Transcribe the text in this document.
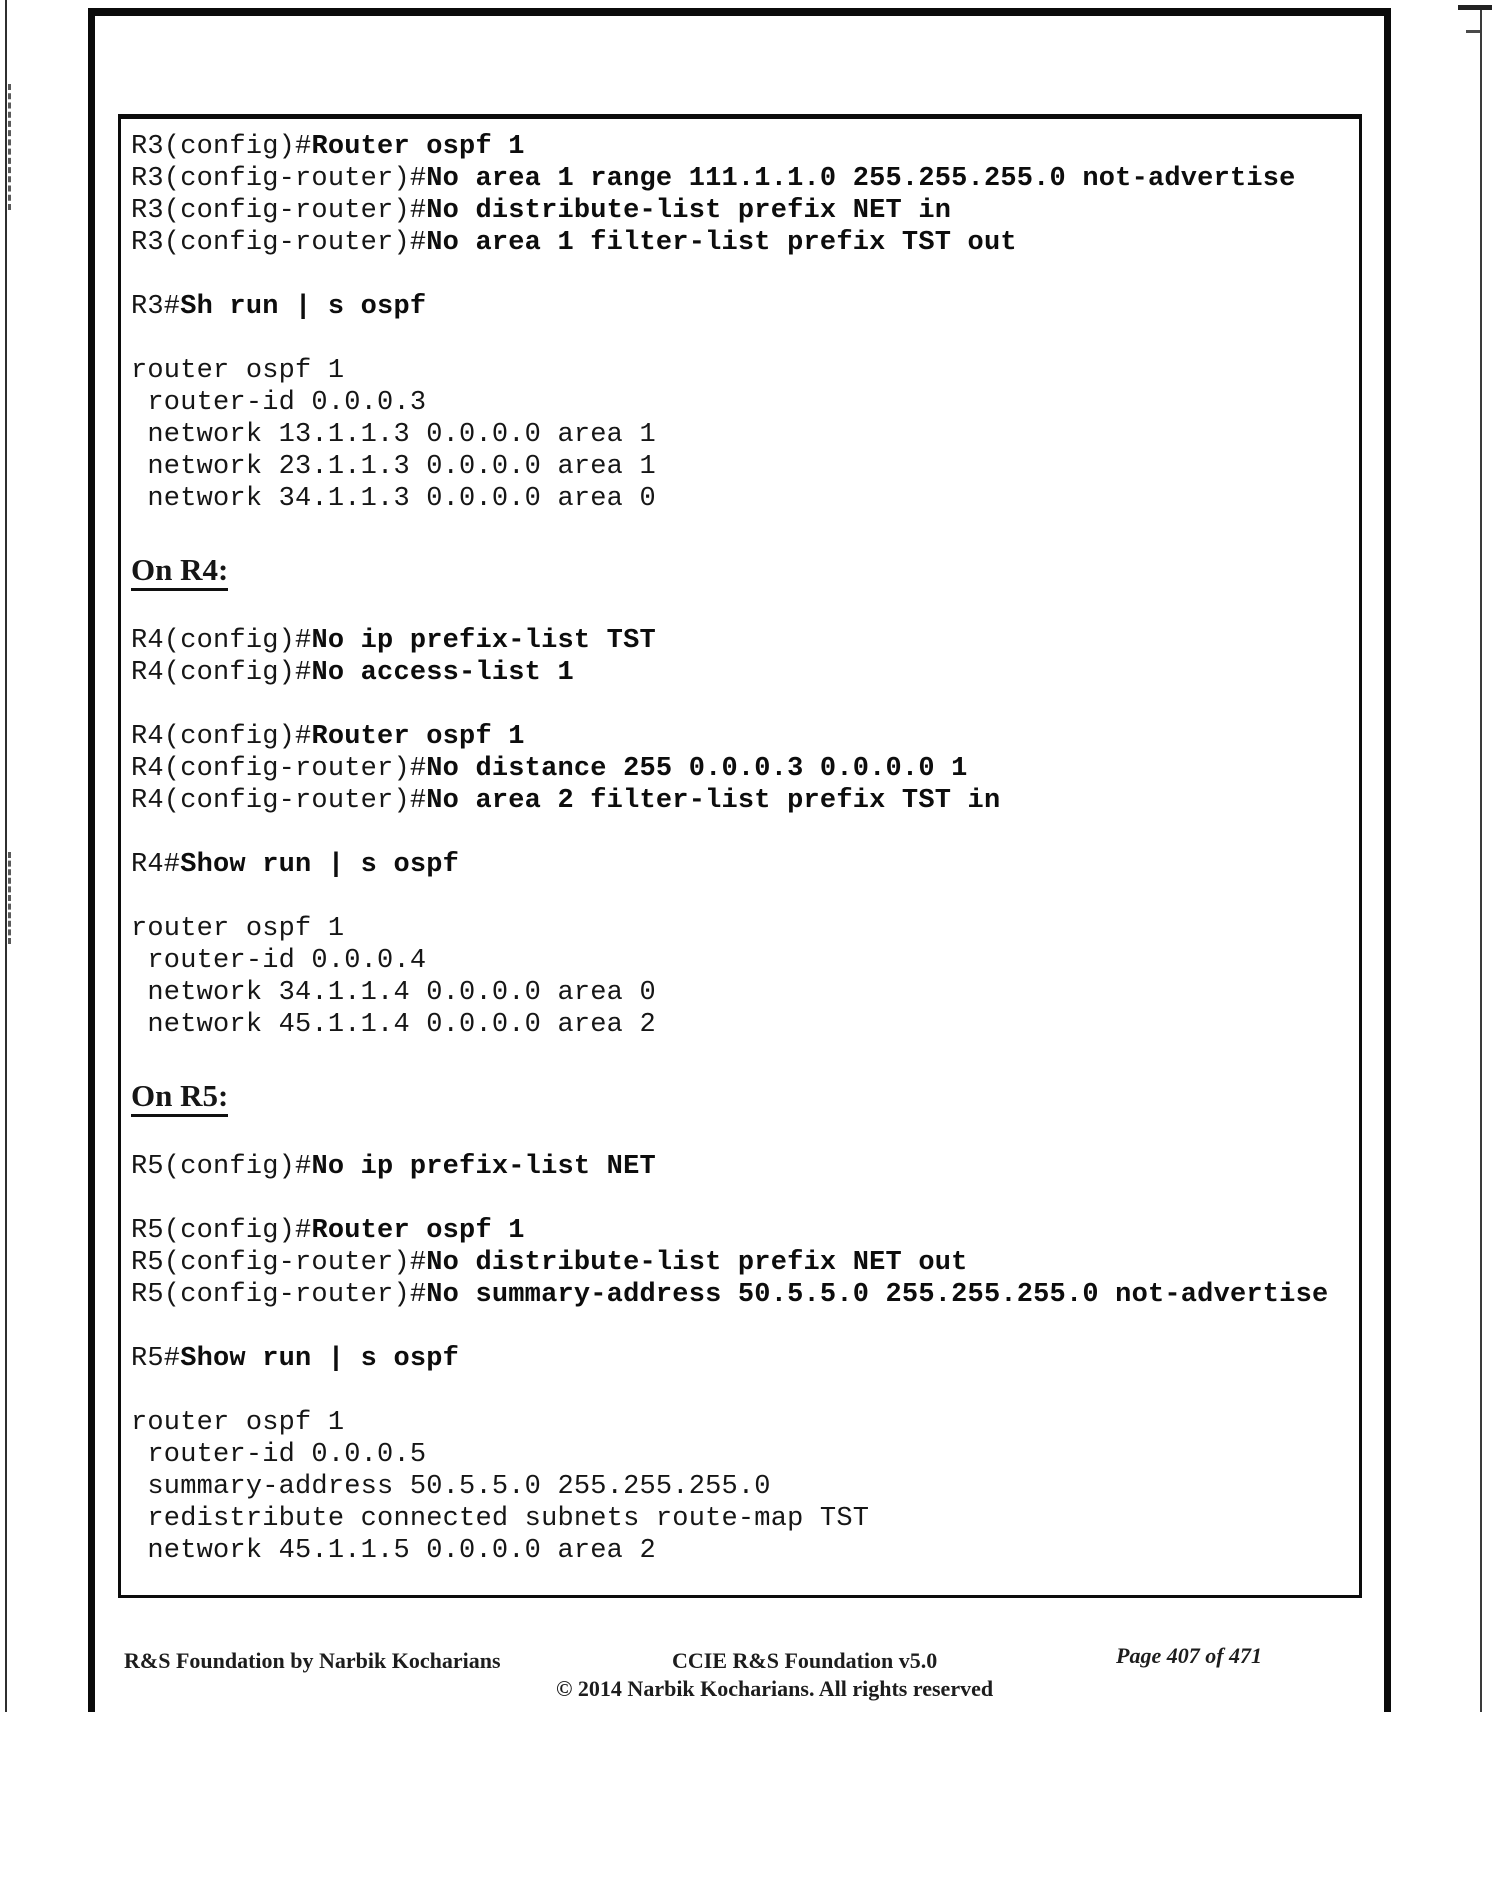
R3(config)#Router ospf 1
R3(config-router)#No area 1 range 111.1.1.0 255.255.255.0 not-advertise
R3(config-router)#No distribute-list prefix NET in
R3(config-router)#No area 1 filter-list prefix TST out

R3#Sh run | s ospf

router ospf 1
router-id 0.0.0.3
network 13.1.1.3 0.0.0.0 area 1
network 23.1.1.3 0.0.0.0 area 1
network 34.1.1.3 0.0.0.0 area 0

On R4:

R4(config)#No ip prefix-list TST
R4(config)#No access-list 1

R4(config)#Router ospf 1
R4(config-router)#No distance 255 0.0.0.3 0.0.0.0 1
R4(config-router)#No area 2 filter-list prefix TST in

R4#Show run | s ospf

router ospf 1
router-id 0.0.0.4
network 34.1.1.4 0.0.0.0 area 0
network 45.1.1.4 0.0.0.0 area 2

On R5:

R5(config)#No ip prefix-list NET

R5(config)#Router ospf 1
R5(config-router)#No distribute-list prefix NET out
R5(config-router)#No summary-address 50.5.5.0 255.255.255.0 not-advertise

R5#Show run | s ospf

router ospf 1
router-id 0.0.0.5
summary-address 50.5.5.0 255.255.255.0
redistribute connected subnets route-map TST
network 45.1.1.5 0.0.0.0 area 2
R&S Foundation by Narbik Kocharians	CCIE R&S Foundation v5.0	Page 407 of 471
© 2014 Narbik Kocharians. All rights reserved
